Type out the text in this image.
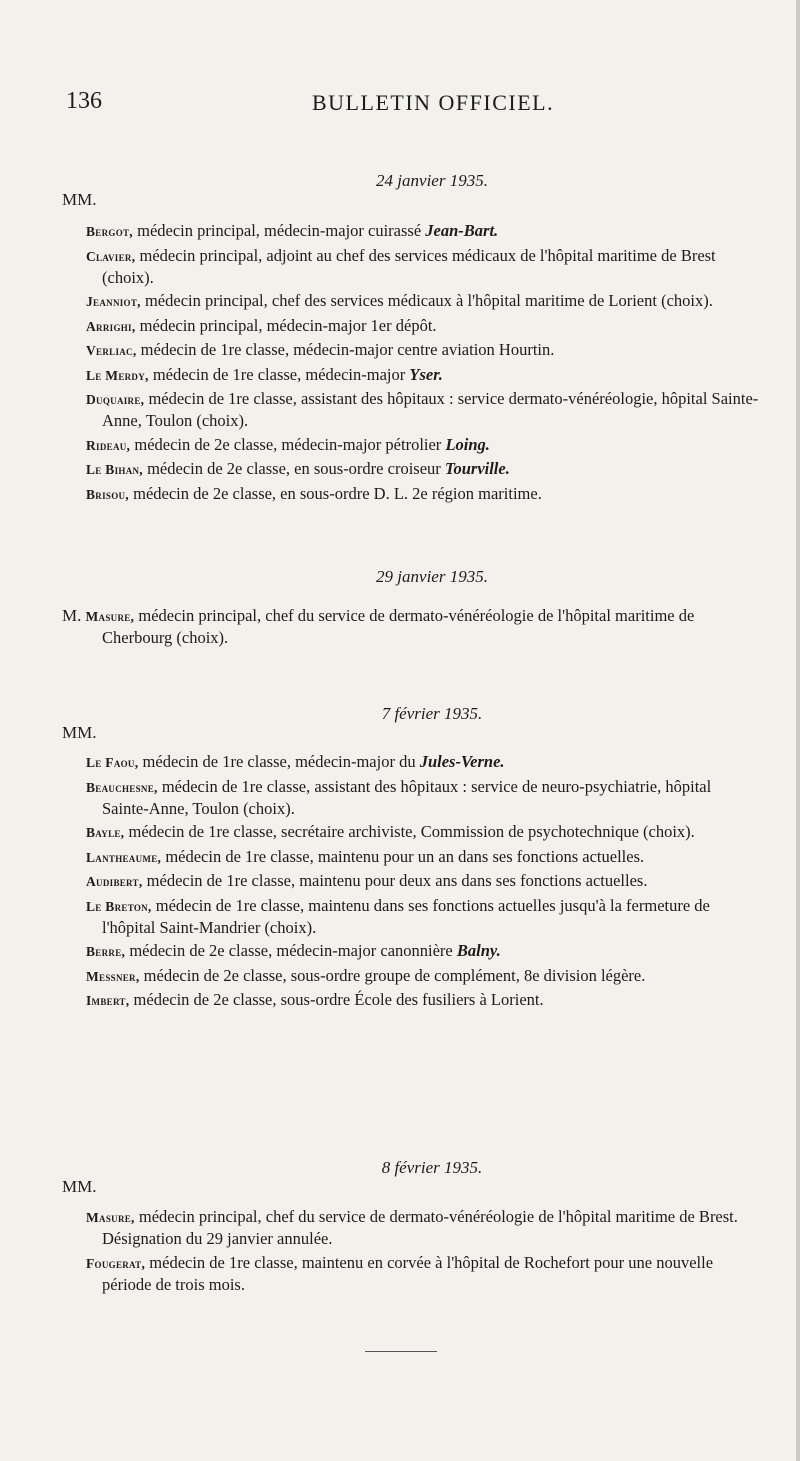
136	BULLETIN OFFICIEL.

24 janvier 1935.

MM.

Bergot, médecin principal, médecin-major cuirassé Jean-Bart.

Clavier, médecin principal, adjoint au chef des services médicaux de l'hôpital maritime de Brest (choix).

Jeanniot, médecin principal, chef des services médicaux à l'hôpital maritime de Lorient (choix).

Arrighi, médecin principal, médecin-major 1er dépôt.

Verliac, médecin de 1re classe, médecin-major centre aviation Hourtin.

Le Merdy, médecin de 1re classe, médecin-major Yser.

Duquaire, médecin de 1re classe, assistant des hôpitaux : service dermato-vénéréologie, hôpital Sainte-Anne, Toulon (choix).

Rideau, médecin de 2e classe, médecin-major pétrolier Loing.

Le Bihan, médecin de 2e classe, en sous-ordre croiseur Tourville.

Brisou, médecin de 2e classe, en sous-ordre D. L. 2e région maritime.

29 janvier 1935.

M. Masure, médecin principal, chef du service de dermato-vénéréologie de l'hôpital maritime de Cherbourg (choix).

7 février 1935.

MM.

Le Faou, médecin de 1re classe, médecin-major du Jules-Verne.

Beauchesne, médecin de 1re classe, assistant des hôpitaux : service de neuro-psychiatrie, hôpital Sainte-Anne, Toulon (choix).

Bayle, médecin de 1re classe, secrétaire archiviste, Commission de psychotechnique (choix).

Lantheaume, médecin de 1re classe, maintenu pour un an dans ses fonctions actuelles.

Audibert, médecin de 1re classe, maintenu pour deux ans dans ses fonctions actuelles.

Le Breton, médecin de 1re classe, maintenu dans ses fonctions actuelles jusqu'à la fermeture de l'hôpital Saint-Mandrier (choix).

Berre, médecin de 2e classe, médecin-major canonnière Balny.

Messner, médecin de 2e classe, sous-ordre groupe de complément, 8e division légère.

Imbert, médecin de 2e classe, sous-ordre École des fusiliers à Lorient.

8 février 1935.

MM.

Masure, médecin principal, chef du service de dermato-vénéréologie de l'hôpital maritime de Brest. Désignation du 29 janvier annulée.

Fougerat, médecin de 1re classe, maintenu en corvée à l'hôpital de Rochefort pour une nouvelle période de trois mois.
